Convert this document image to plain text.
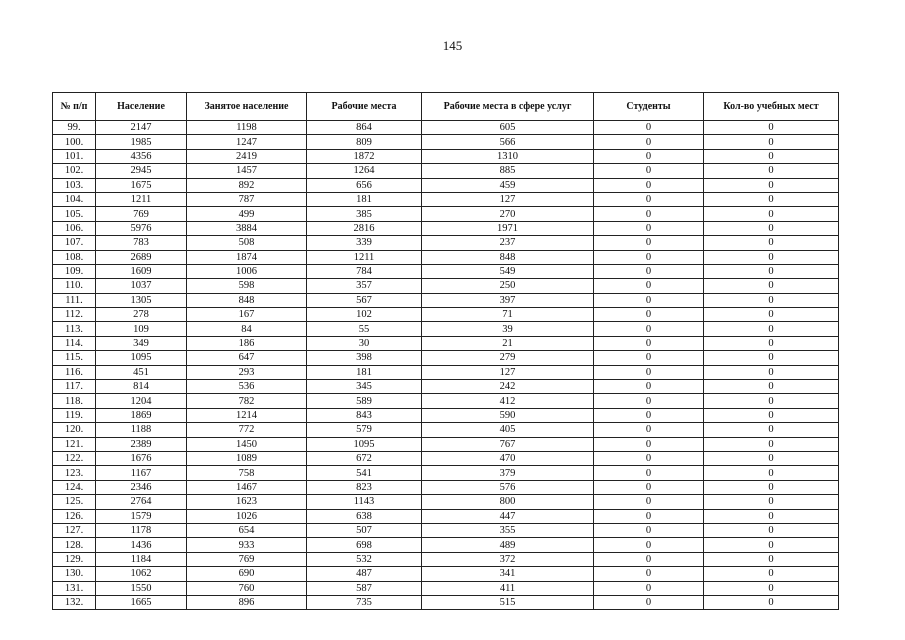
145
№ п/п	Население	Занятое население	Рабочие места	Рабочие места в сфере услуг	Студенты	Кол-во учебных мест
99.	2147	1198	864	605	0	0
100.	1985	1247	809	566	0	0
101.	4356	2419	1872	1310	0	0
102.	2945	1457	1264	885	0	0
103.	1675	892	656	459	0	0
104.	1211	787	181	127	0	0
105.	769	499	385	270	0	0
106.	5976	3884	2816	1971	0	0
107.	783	508	339	237	0	0
108.	2689	1874	1211	848	0	0
109.	1609	1006	784	549	0	0
110.	1037	598	357	250	0	0
111.	1305	848	567	397	0	0
112.	278	167	102	71	0	0
113.	109	84	55	39	0	0
114.	349	186	30	21	0	0
115.	1095	647	398	279	0	0
116.	451	293	181	127	0	0
117.	814	536	345	242	0	0
118.	1204	782	589	412	0	0
119.	1869	1214	843	590	0	0
120.	1188	772	579	405	0	0
121.	2389	1450	1095	767	0	0
122.	1676	1089	672	470	0	0
123.	1167	758	541	379	0	0
124.	2346	1467	823	576	0	0
125.	2764	1623	1143	800	0	0
126.	1579	1026	638	447	0	0
127.	1178	654	507	355	0	0
128.	1436	933	698	489	0	0
129.	1184	769	532	372	0	0
130.	1062	690	487	341	0	0
131.	1550	760	587	411	0	0
132.	1665	896	735	515	0	0
